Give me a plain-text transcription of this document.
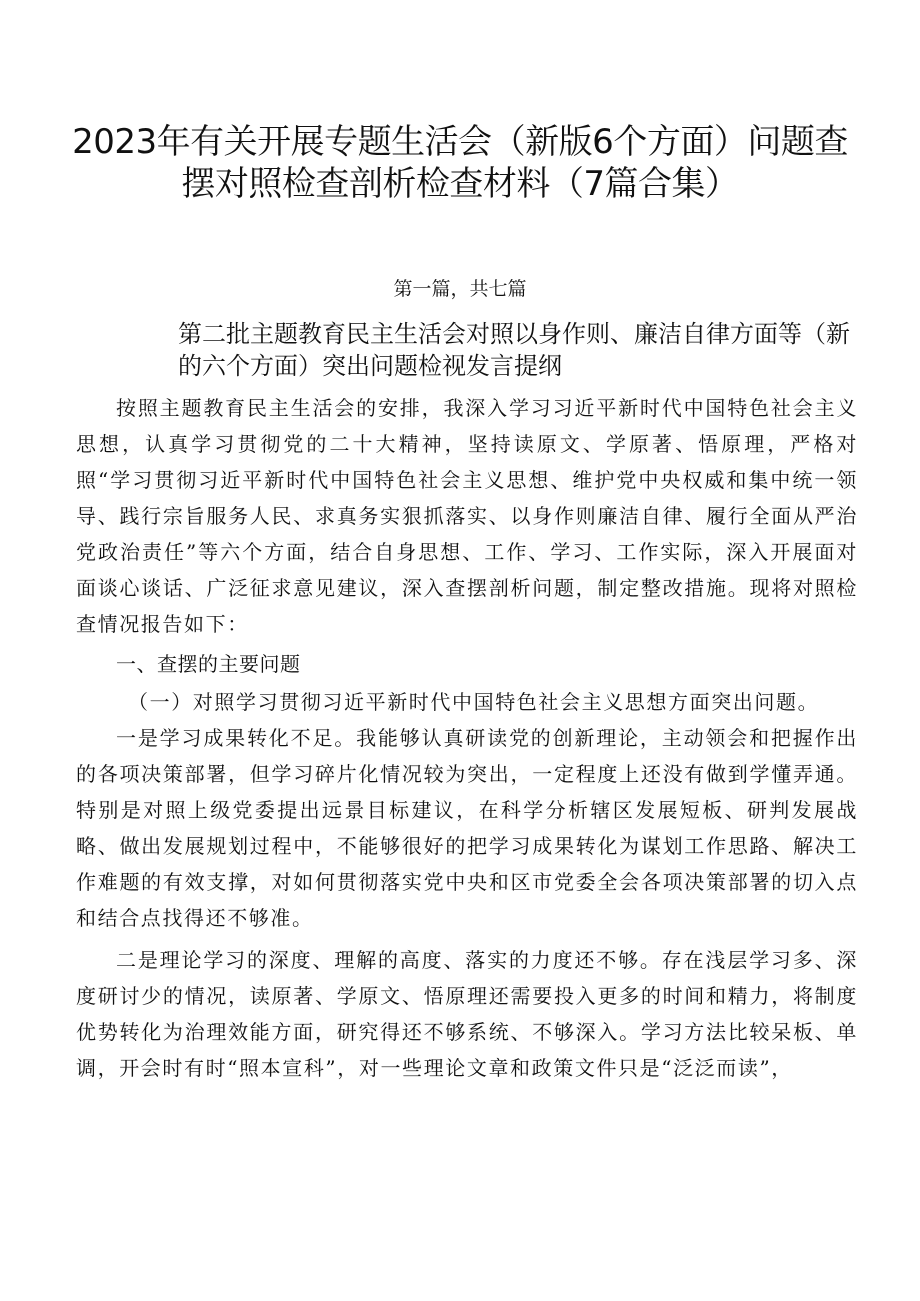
2023年有关开展专题生活会（新版6个方面）问题查
摆对照检查剖析检查材料（7篇合集）
第一篇，共七篇
第二批主题教育民主生活会对照以身作则、廉洁自律方面等（新的六个方面）突出问题检视发言提纲

按照主题教育民主生活会的安排，我深入学习习近平新时代中国特色社会主义思想，认真学习贯彻党的二十大精神，坚持读原文、学原著、悟原理，严格对照“学习贯彻习近平新时代中国特色社会主义思想、维护党中央权威和集中统一领导、践行宗旨服务人民、求真务实狠抓落实、以身作则廉洁自律、履行全面从严治党政治责任”等六个方面，结合自身思想、工作、学习、工作实际，深入开展面对面谈心谈话、广泛征求意见建议，深入查摆剖析问题，制定整改措施。现将对照检查情况报告如下：

一、查摆的主要问题

（一）对照学习贯彻习近平新时代中国特色社会主义思想方面突出问题。

一是学习成果转化不足。我能够认真研读党的创新理论，主动领会和把握作出的各项决策部署，但学习碎片化情况较为突出，一定程度上还没有做到学懂弄通。特别是对照上级党委提出远景目标建议，在科学分析辖区发展短板、研判发展战略、做出发展规划过程中，不能够很好的把学习成果转化为谋划工作思路、解决工作难题的有效支撑，对如何贯彻落实党中央和区市党委全会各项决策部署的切入点和结合点找得还不够准。

二是理论学习的深度、理解的高度、落实的力度还不够。存在浅层学习多、深度研讨少的情况，读原著、学原文、悟原理还需要投入更多的时间和精力，将制度优势转化为治理效能方面，研究得还不够系统、不够深入。学习方法比较呆板、单调，开会时有时“照本宣科”，对一些理论文章和政策文件只是“泛泛而读”，
